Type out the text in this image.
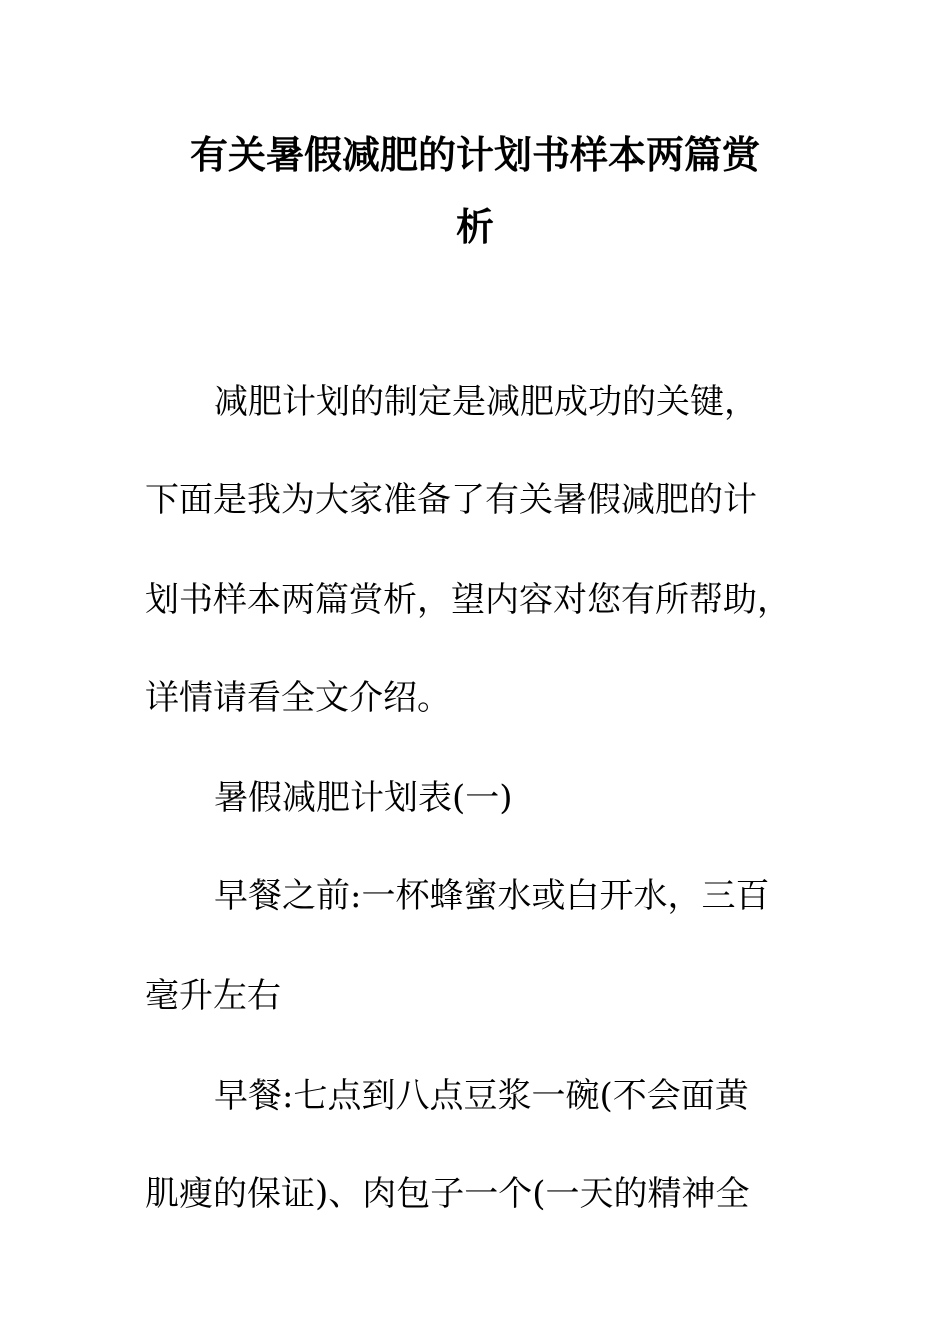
有关暑假减肥的计划书样本两篇赏
析
减肥计划的制定是减肥成功的关键，
下面是我为大家准备了有关暑假减肥的计
划书样本两篇赏析，望内容对您有所帮助，
详情请看全文介绍。
暑假减肥计划表(一)
早餐之前:一杯蜂蜜水或白开水，三百
毫升左右
早餐:七点到八点豆浆一碗(不会面黄
肌瘦的保证)、肉包子一个(一天的精神全
